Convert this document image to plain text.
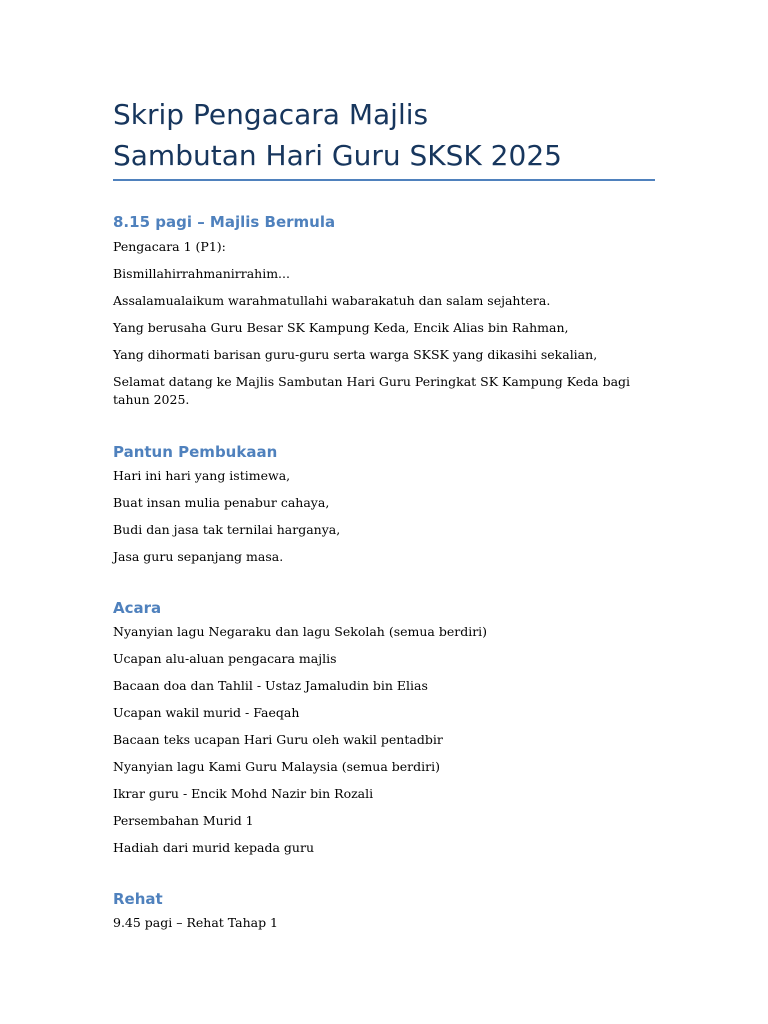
Skrip Pengacara Majlis
Sambutan Hari Guru SKSK 2025
8.15 pagi – Majlis Bermula

Pengacara 1 (P1):

Bismillahirrahmanirrahim...

Assalamualaikum warahmatullahi wabarakatuh dan salam sejahtera.

Yang berusaha Guru Besar SK Kampung Keda, Encik Alias bin Rahman,

Yang dihormati barisan guru-guru serta warga SKSK yang dikasihi sekalian,

Selamat datang ke Majlis Sambutan Hari Guru Peringkat SK Kampung Keda bagi tahun 2025.

Pantun Pembukaan

Hari ini hari yang istimewa,

Buat insan mulia penabur cahaya,

Budi dan jasa tak ternilai harganya,

Jasa guru sepanjang masa.

Acara

Nyanyian lagu Negaraku dan lagu Sekolah (semua berdiri)

Ucapan alu-aluan pengacara majlis

Bacaan doa dan Tahlil - Ustaz Jamaludin bin Elias

Ucapan wakil murid - Faeqah

Bacaan teks ucapan Hari Guru oleh wakil pentadbir

Nyanyian lagu Kami Guru Malaysia (semua berdiri)

Ikrar guru - Encik Mohd Nazir bin Rozali

Persembahan Murid 1

Hadiah dari murid kepada guru

Rehat

9.45 pagi – Rehat Tahap 1
